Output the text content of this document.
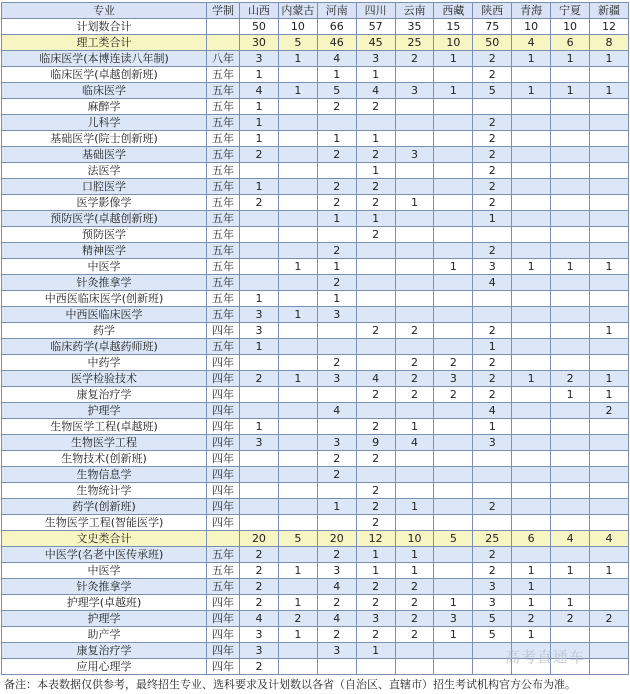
专业	学制	山西	内蒙古	河南	四川	云南	西藏	陕西	青海	宁夏	新疆
计划数合计		50	10	66	57	35	15	75	10	10	12
理工类合计		30	5	46	45	25	10	50	4	6	8
临床医学(本博连读八年制)	八年	3	1	4	3	2	1	2	1	1	1
临床医学(卓越创新班)	五年	1		1	1			2			
临床医学	五年	4	1	5	4	3	1	5	1	1	1
麻醉学	五年	1		2	2						
儿科学	五年	1						2			
基础医学(院士创新班)	五年	1		1	1			2			
基础医学	五年	2		2	2	3		2			
法医学	五年				1			2			
口腔医学	五年	1		2	2			2			
医学影像学	五年	2		2	2	1		2			
预防医学(卓越创新班)	五年			1	1			1			
预防医学	五年				2						
精神医学	五年			2				2			
中医学	五年		1	1			1	3	1	1	1
针灸推拿学	五年			2				4			
中西医临床医学(创新班)	五年	1		1							
中西医临床医学	五年	3	1	3							
药学	四年	3			2	2		2			1
临床药学(卓越药师班)	五年	1						1			
中药学	四年			2		2	2	2			
医学检验技术	四年	2	1	3	4	2	3	2	1	2	1
康复治疗学	四年				2	2	2	2		1	1
护理学	四年			4				4			2
生物医学工程(卓越班)	四年	1			2	1		1			
生物医学工程	四年	3		3	9	4		3			
生物技术(创新班)	四年			2	2						
生物信息学	四年			2							
生物统计学	四年				2						
药学(创新班)	四年			1	2	1		2			
生物医学工程(智能医学)	四年				2						
文史类合计		20	5	20	12	10	5	25	6	4	4
中医学(名老中医传承班)	五年	2		2	1	1		2			
中医学	五年	2	1	3	1	1		2	1	1	1
针灸推拿学	五年	2		4	2	2		3	1		
护理学(卓越班)	四年	2	1	2	2	2	1	3	1	1	
护理学	四年	4	2	4	3	2	3	5	2	2	2
助产学	四年	3	1	2	2	2	1	5	1		
康复治疗学	四年	3		3	1						
应用心理学	四年	2										高考直通车
备注：本表数据仅供参考，最终招生专业、选科要求及计划数以各省（自治区、直辖市）招生考试机构官方公布为准。
